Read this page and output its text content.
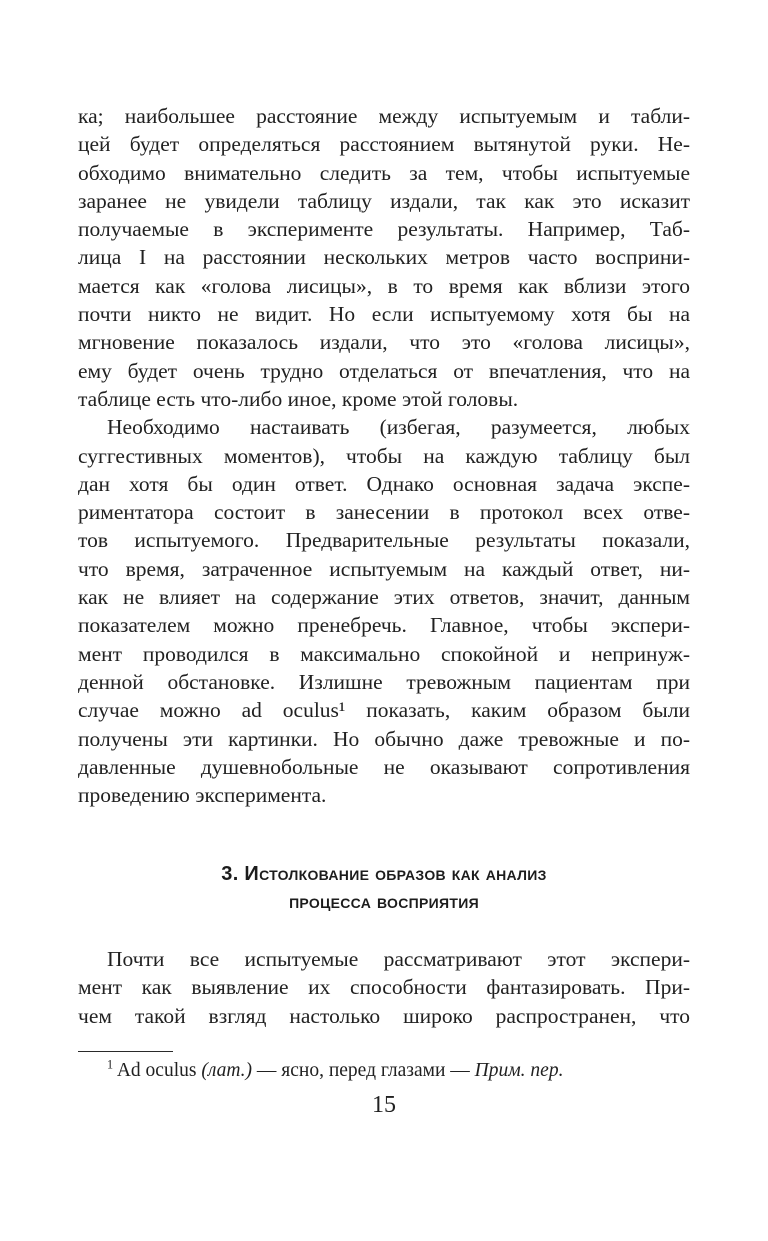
ка; наибольшее расстояние между испытуемым и табли-
цей будет определяться расстоянием вытянутой руки. Не-
обходимо внимательно следить за тем, чтобы испытуемые
заранее не увидели таблицу издали, так как это исказит
получаемые в эксперименте результаты. Например, Таб-
лица I на расстоянии нескольких метров часто восприни-
мается как «голова лисицы», в то время как вблизи этого
почти никто не видит. Но если испытуемому хотя бы на
мгновение показалось издали, что это «голова лисицы»,
ему будет очень трудно отделаться от впечатления, что на
таблице есть что-либо иное, кроме этой головы.
Необходимо настаивать (избегая, разумеется, любых
суггестивных моментов), чтобы на каждую таблицу был
дан хотя бы один ответ. Однако основная задача экспе-
риментатора состоит в занесении в протокол всех отве-
тов испытуемого. Предварительные результаты показали,
что время, затраченное испытуемым на каждый ответ, ни-
как не влияет на содержание этих ответов, значит, данным
показателем можно пренебречь. Главное, чтобы экспери-
мент проводился в максимально спокойной и непринуж-
денной обстановке. Излишне тревожным пациентам при
случае можно ad oculus¹ показать, каким образом были
получены эти картинки. Но обычно даже тревожные и по-
давленные душевнобольные не оказывают сопротивления
проведению эксперимента.
3. Истолкование образов как анализ
процесса восприятия
Почти все испытуемые рассматривают этот экспери-
мент как выявление их способности фантазировать. При-
чем такой взгляд настолько широко распространен, что
$^1$ Ad oculus (лат.) — ясно, перед глазами — Прим. пер.
15
